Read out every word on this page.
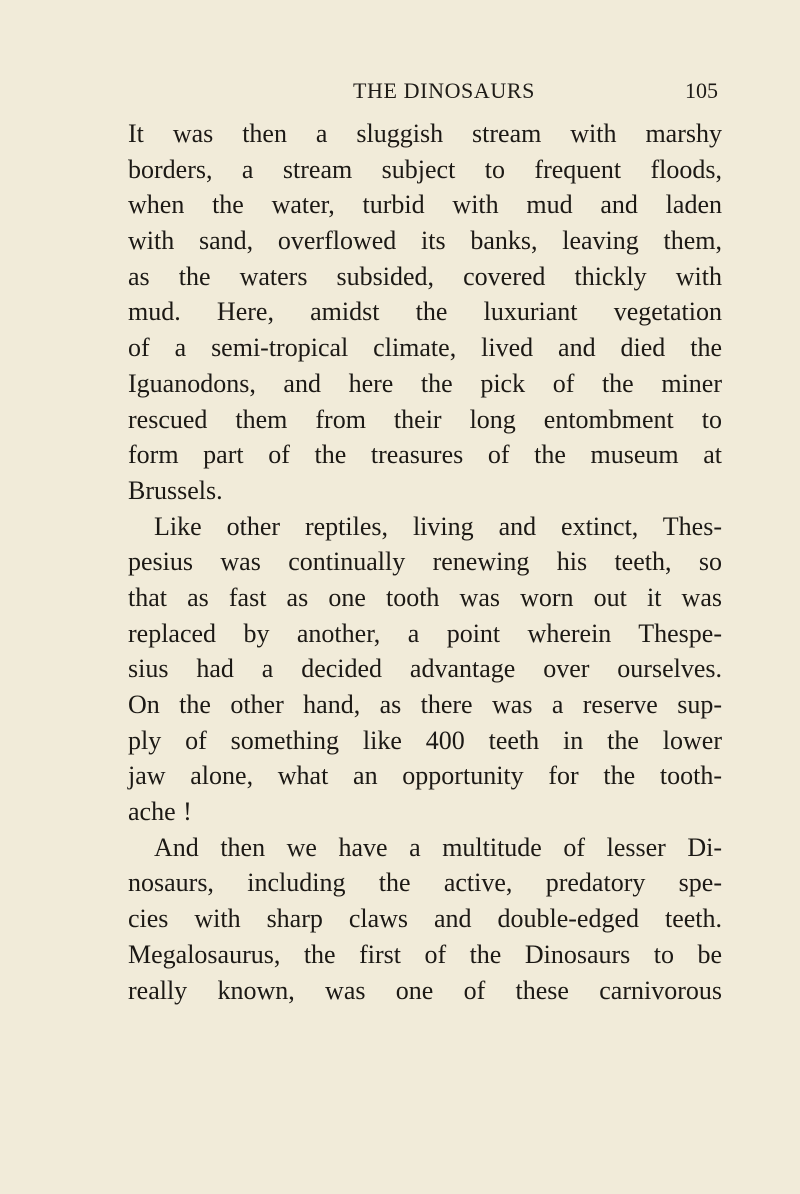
THE DINOSAURS	105
It was then a sluggish stream with marshy
borders, a stream subject to frequent floods,
when the water, turbid with mud and laden
with sand, overflowed its banks, leaving them,
as the waters subsided, covered thickly with
mud. Here, amidst the luxuriant vegetation
of a semi-tropical climate, lived and died the
Iguanodons, and here the pick of the miner
rescued them from their long entombment to
form part of the treasures of the museum at
Brussels.
Like other reptiles, living and extinct, Thes-
pesius was continually renewing his teeth, so
that as fast as one tooth was worn out it was
replaced by another, a point wherein Thespe-
sius had a decided advantage over ourselves.
On the other hand, as there was a reserve sup-
ply of something like 400 teeth in the lower
jaw alone, what an opportunity for the tooth-
ache !
And then we have a multitude of lesser Di-
nosaurs, including the active, predatory spe-
cies with sharp claws and double-edged teeth.
Megalosaurus, the first of the Dinosaurs to be
really known, was one of these carnivorous
